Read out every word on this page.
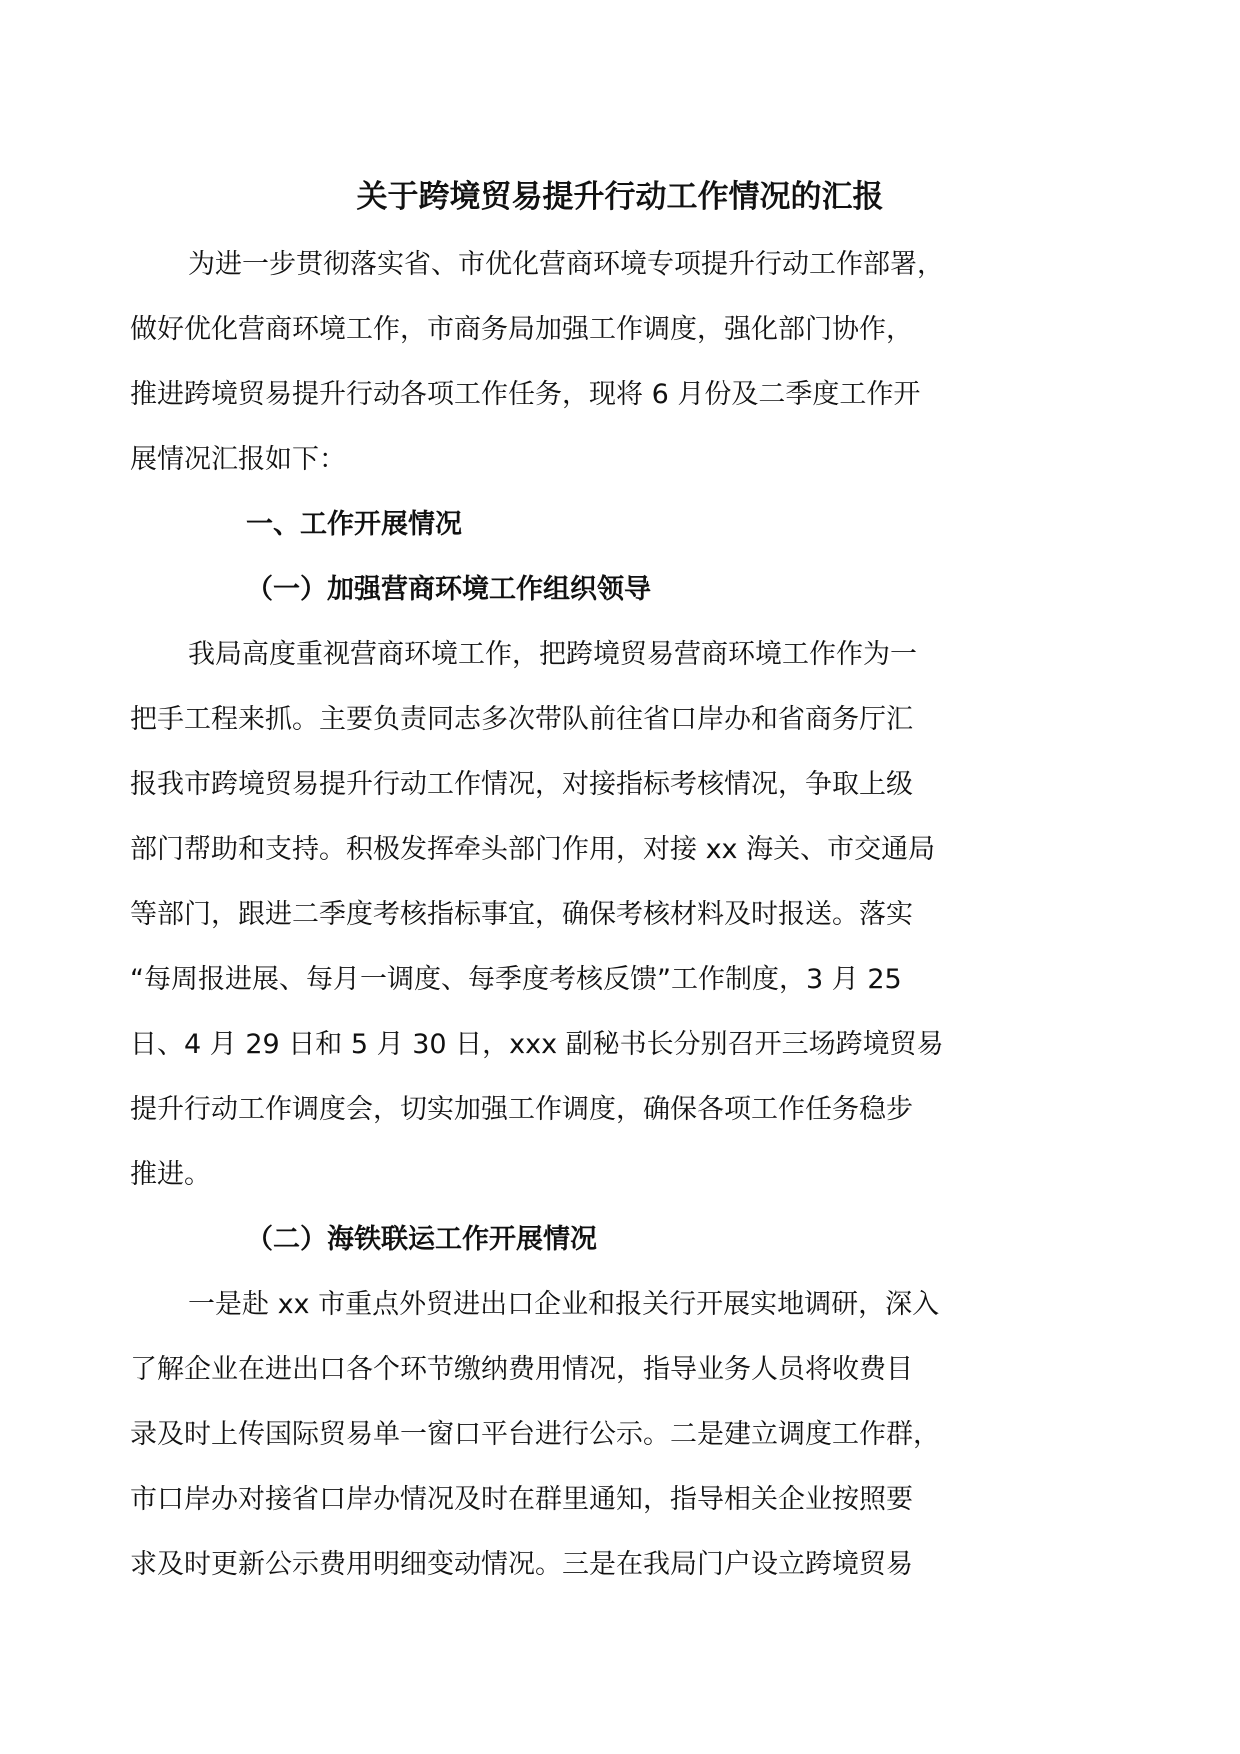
关于跨境贸易提升行动工作情况的汇报

为进一步贯彻落实省、市优化营商环境专项提升行动工作部署，
做好优化营商环境工作，市商务局加强工作调度，强化部门协作，
推进跨境贸易提升行动各项工作任务，现将 6 月份及二季度工作开
展情况汇报如下：

一、工作开展情况

（一）加强营商环境工作组织领导

我局高度重视营商环境工作，把跨境贸易营商环境工作作为一
把手工程来抓。主要负责同志多次带队前往省口岸办和省商务厅汇
报我市跨境贸易提升行动工作情况，对接指标考核情况，争取上级
部门帮助和支持。积极发挥牵头部门作用，对接 xx 海关、市交通局
等部门，跟进二季度考核指标事宜，确保考核材料及时报送。落实
“每周报进展、每月一调度、每季度考核反馈”工作制度，3 月 25
日、4 月 29 日和 5 月 30 日，xxx 副秘书长分别召开三场跨境贸易
提升行动工作调度会，切实加强工作调度，确保各项工作任务稳步
推进。

（二）海铁联运工作开展情况

一是赴 xx 市重点外贸进出口企业和报关行开展实地调研，深入
了解企业在进出口各个环节缴纳费用情况，指导业务人员将收费目
录及时上传国际贸易单一窗口平台进行公示。二是建立调度工作群，
市口岸办对接省口岸办情况及时在群里通知，指导相关企业按照要
求及时更新公示费用明细变动情况。三是在我局门户设立跨境贸易
